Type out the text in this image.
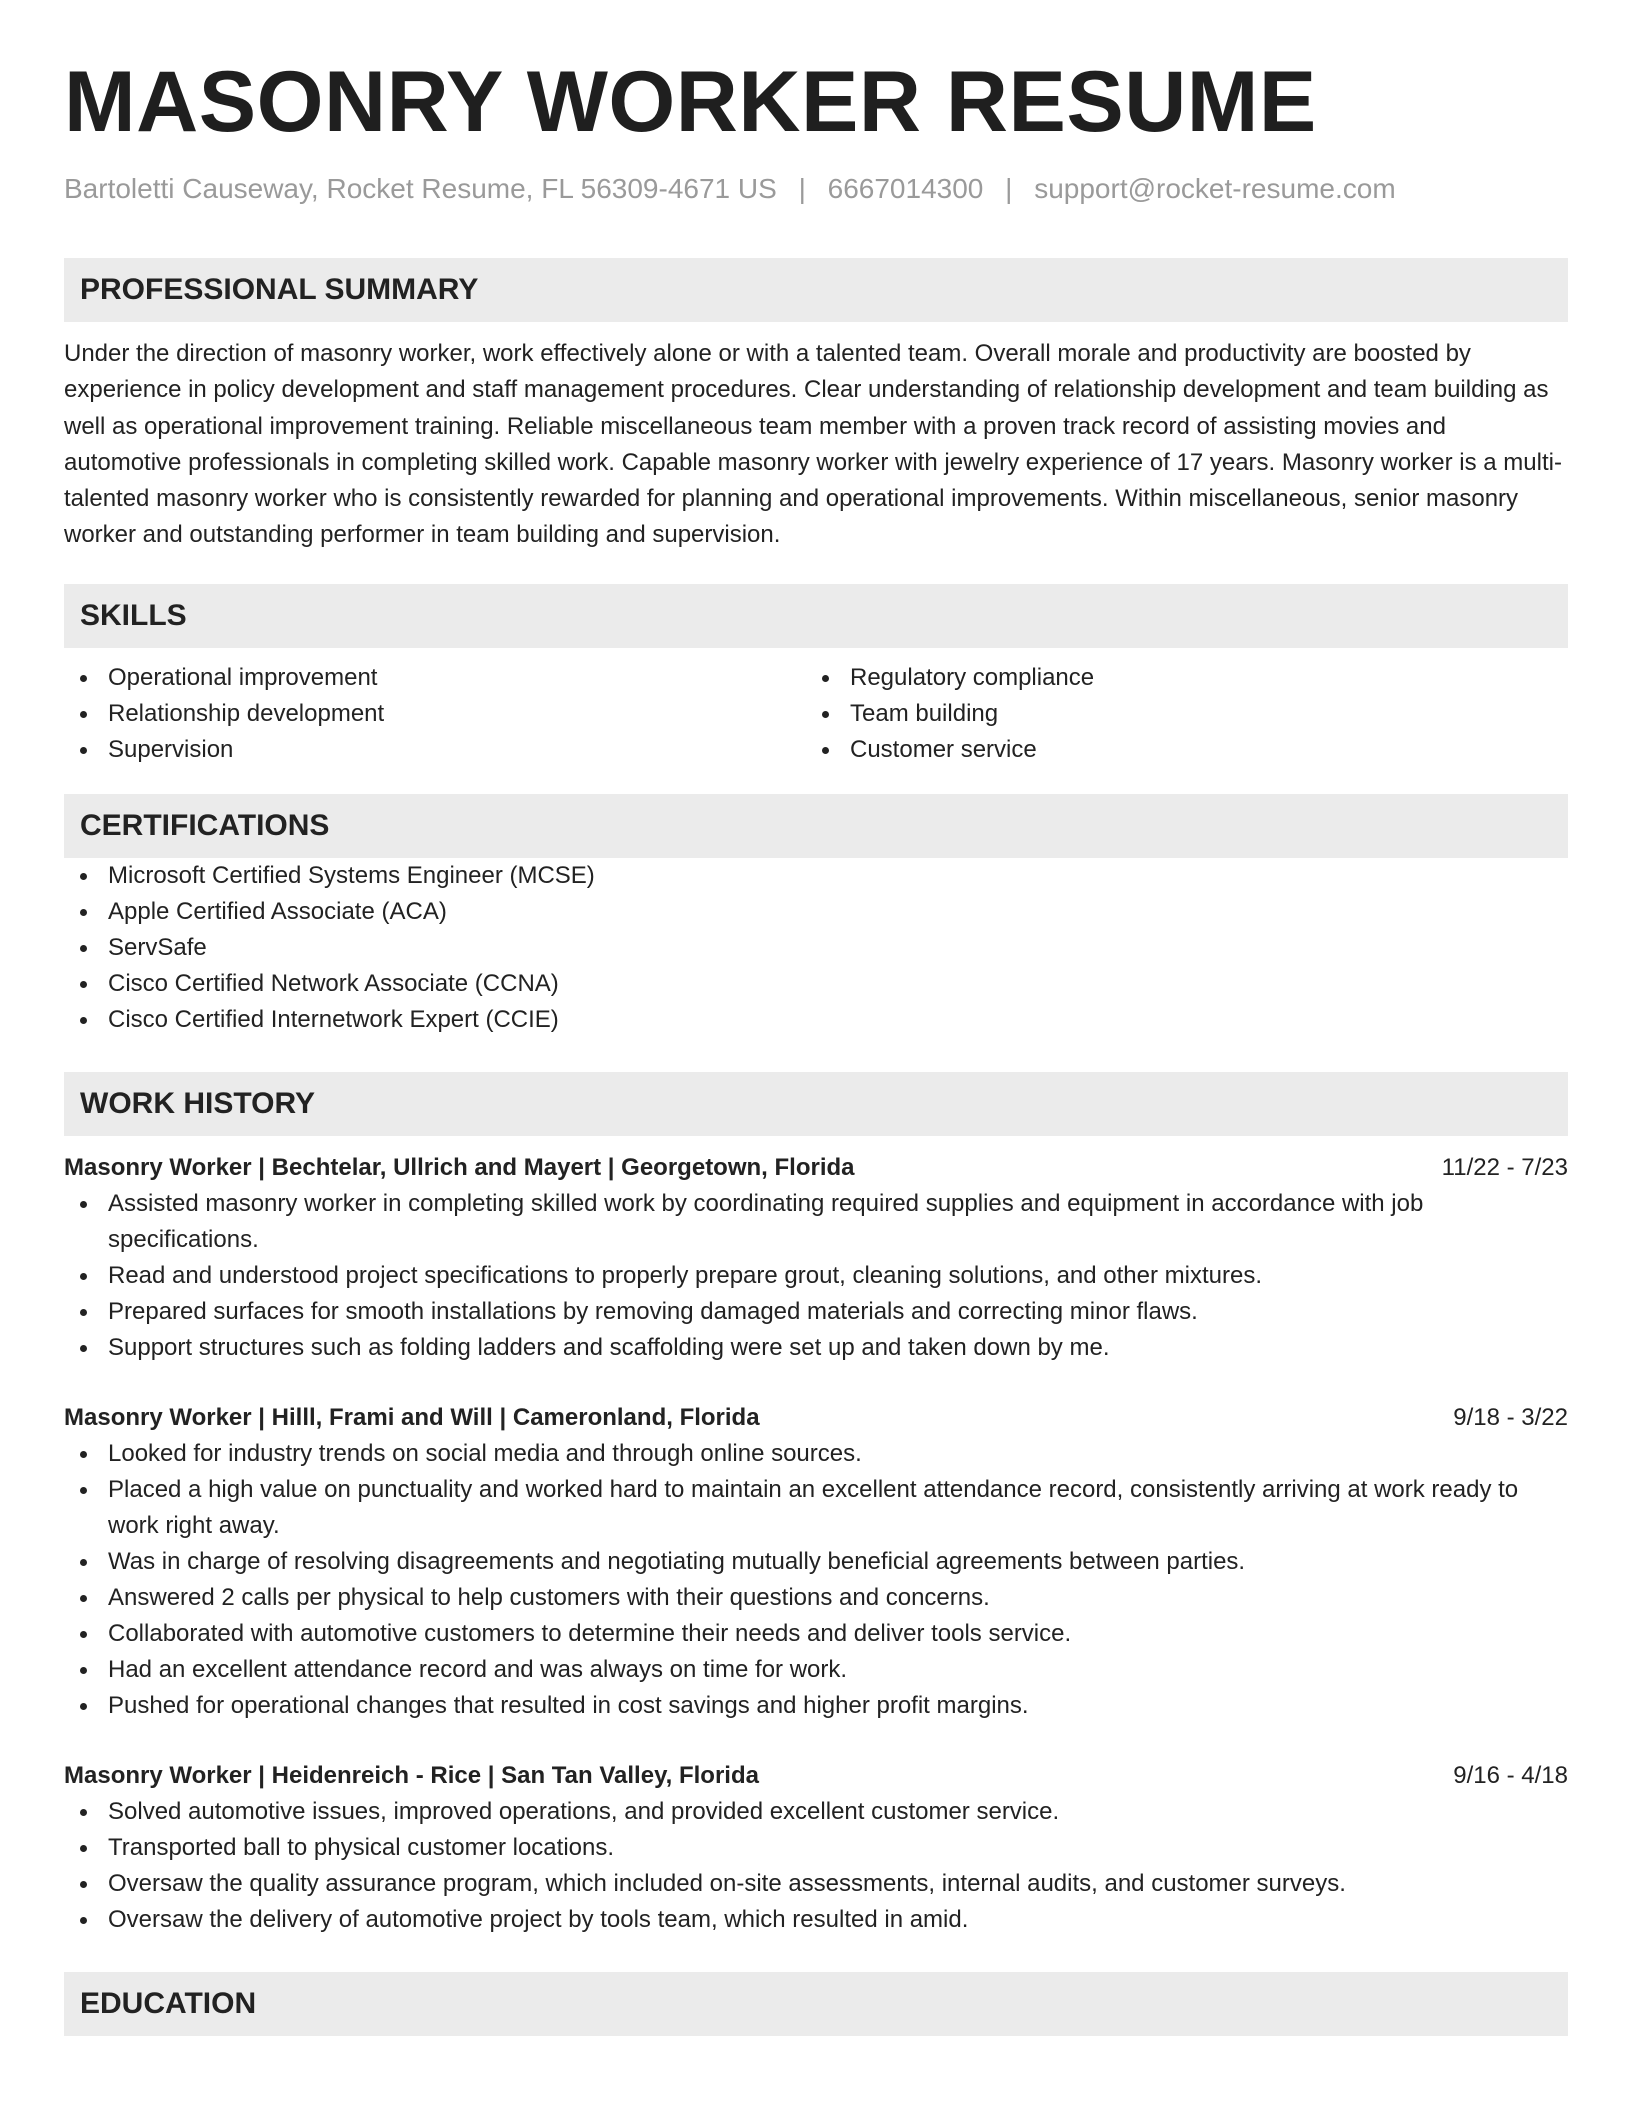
MASONRY WORKER RESUME
Bartoletti Causeway, Rocket Resume, FL 56309-4671 US | 6667014300 | support@rocket-resume.com
PROFESSIONAL SUMMARY

Under the direction of masonry worker, work effectively alone or with a talented team. Overall morale and productivity are boosted by experience in policy development and staff management procedures. Clear understanding of relationship development and team building as well as operational improvement training. Reliable miscellaneous team member with a proven track record of assisting movies and automotive professionals in completing skilled work. Capable masonry worker with jewelry experience of 17 years. Masonry worker is a multi-talented masonry worker who is consistently rewarded for planning and operational improvements. Within miscellaneous, senior masonry worker and outstanding performer in team building and supervision.

SKILLS
Operational improvement
Relationship development
Supervision
Regulatory compliance
Team building
Customer service
CERTIFICATIONS
Microsoft Certified Systems Engineer (MCSE)
Apple Certified Associate (ACA)
ServSafe
Cisco Certified Network Associate (CCNA)
Cisco Certified Internetwork Expert (CCIE)
WORK HISTORY
Masonry Worker | Bechtelar, Ullrich and Mayert | Georgetown, Florida	11/22 - 7/23
Assisted masonry worker in completing skilled work by coordinating required supplies and equipment in accordance with job specifications.
Read and understood project specifications to properly prepare grout, cleaning solutions, and other mixtures.
Prepared surfaces for smooth installations by removing damaged materials and correcting minor flaws.
Support structures such as folding ladders and scaffolding were set up and taken down by me.
Masonry Worker | Hilll, Frami and Will | Cameronland, Florida	9/18 - 3/22
Looked for industry trends on social media and through online sources.
Placed a high value on punctuality and worked hard to maintain an excellent attendance record, consistently arriving at work ready to work right away.
Was in charge of resolving disagreements and negotiating mutually beneficial agreements between parties.
Answered 2 calls per physical to help customers with their questions and concerns.
Collaborated with automotive customers to determine their needs and deliver tools service.
Had an excellent attendance record and was always on time for work.
Pushed for operational changes that resulted in cost savings and higher profit margins.
Masonry Worker | Heidenreich - Rice | San Tan Valley, Florida	9/16 - 4/18
Solved automotive issues, improved operations, and provided excellent customer service.
Transported ball to physical customer locations.
Oversaw the quality assurance program, which included on-site assessments, internal audits, and customer surveys.
Oversaw the delivery of automotive project by tools team, which resulted in amid.
EDUCATION
